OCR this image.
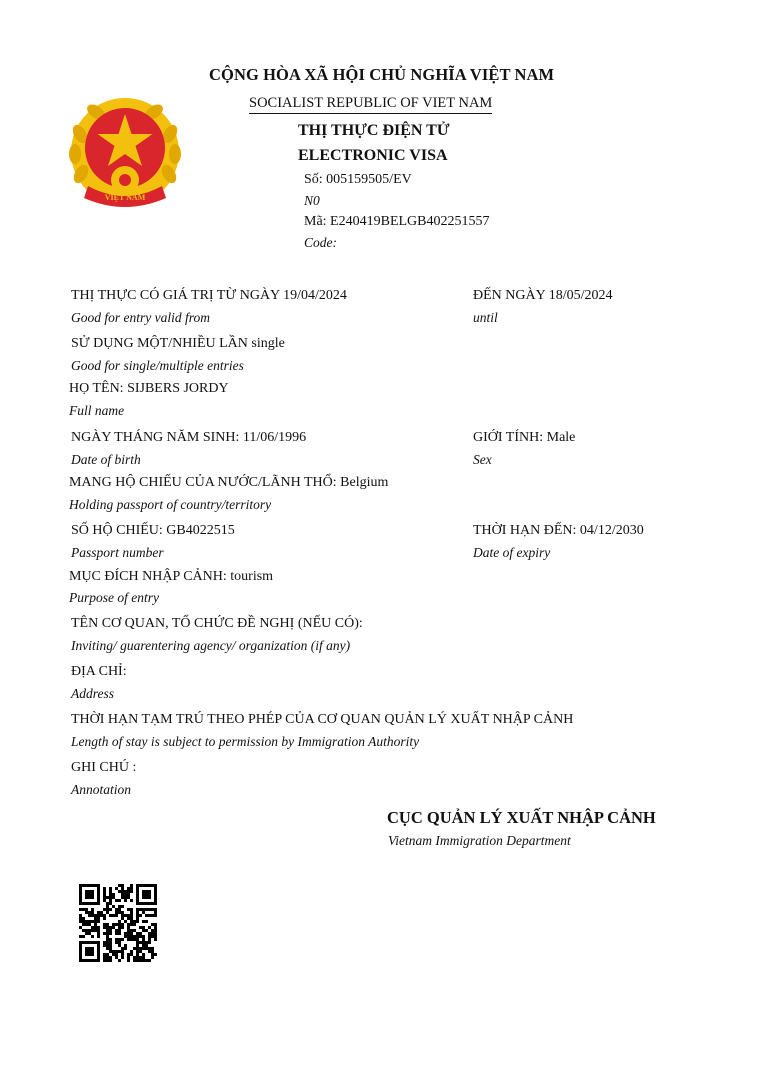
VIỆT NAM
CỘNG HÒA XÃ HỘI CHỦ NGHĨA VIỆT NAM
SOCIALIST REPUBLIC OF VIET NAM
THỊ THỰC ĐIỆN TỬ
ELECTRONIC VISA
Số: 005159505/EV
N0
Mã: E240419BELGB402251557
Code:
THỊ THỰC CÓ GIÁ TRỊ TỪ NGÀY 19/04/2024
Good for entry valid from
ĐẾN NGÀY 18/05/2024
until
SỬ DỤNG MỘT/NHIỀU LẦN single
Good for single/multiple entries
HỌ TÊN: SIJBERS JORDY
Full name
NGÀY THÁNG NĂM SINH: 11/06/1996
Date of birth
GIỚI TÍNH: Male
Sex
MANG HỘ CHIẾU CỦA NƯỚC/LÃNH THỔ: Belgium
Holding passport of country/territory
SỐ HỘ CHIẾU: GB4022515
Passport number
THỜI HẠN ĐẾN: 04/12/2030
Date of expiry
MỤC ĐÍCH NHẬP CẢNH: tourism
Purpose of entry
TÊN CƠ QUAN, TỔ CHỨC ĐỀ NGHỊ (NẾU CÓ):
Inviting/ guarentering agency/ organization (if any)
ĐỊA CHỈ:
Address
THỜI HẠN TẠM TRÚ THEO PHÉP CỦA CƠ QUAN QUẢN LÝ XUẤT NHẬP CẢNH
Length of stay is subject to permission by Immigration Authority
GHI CHÚ :
Annotation
CỤC QUẢN LÝ XUẤT NHẬP CẢNH
Vietnam Immigration Department
